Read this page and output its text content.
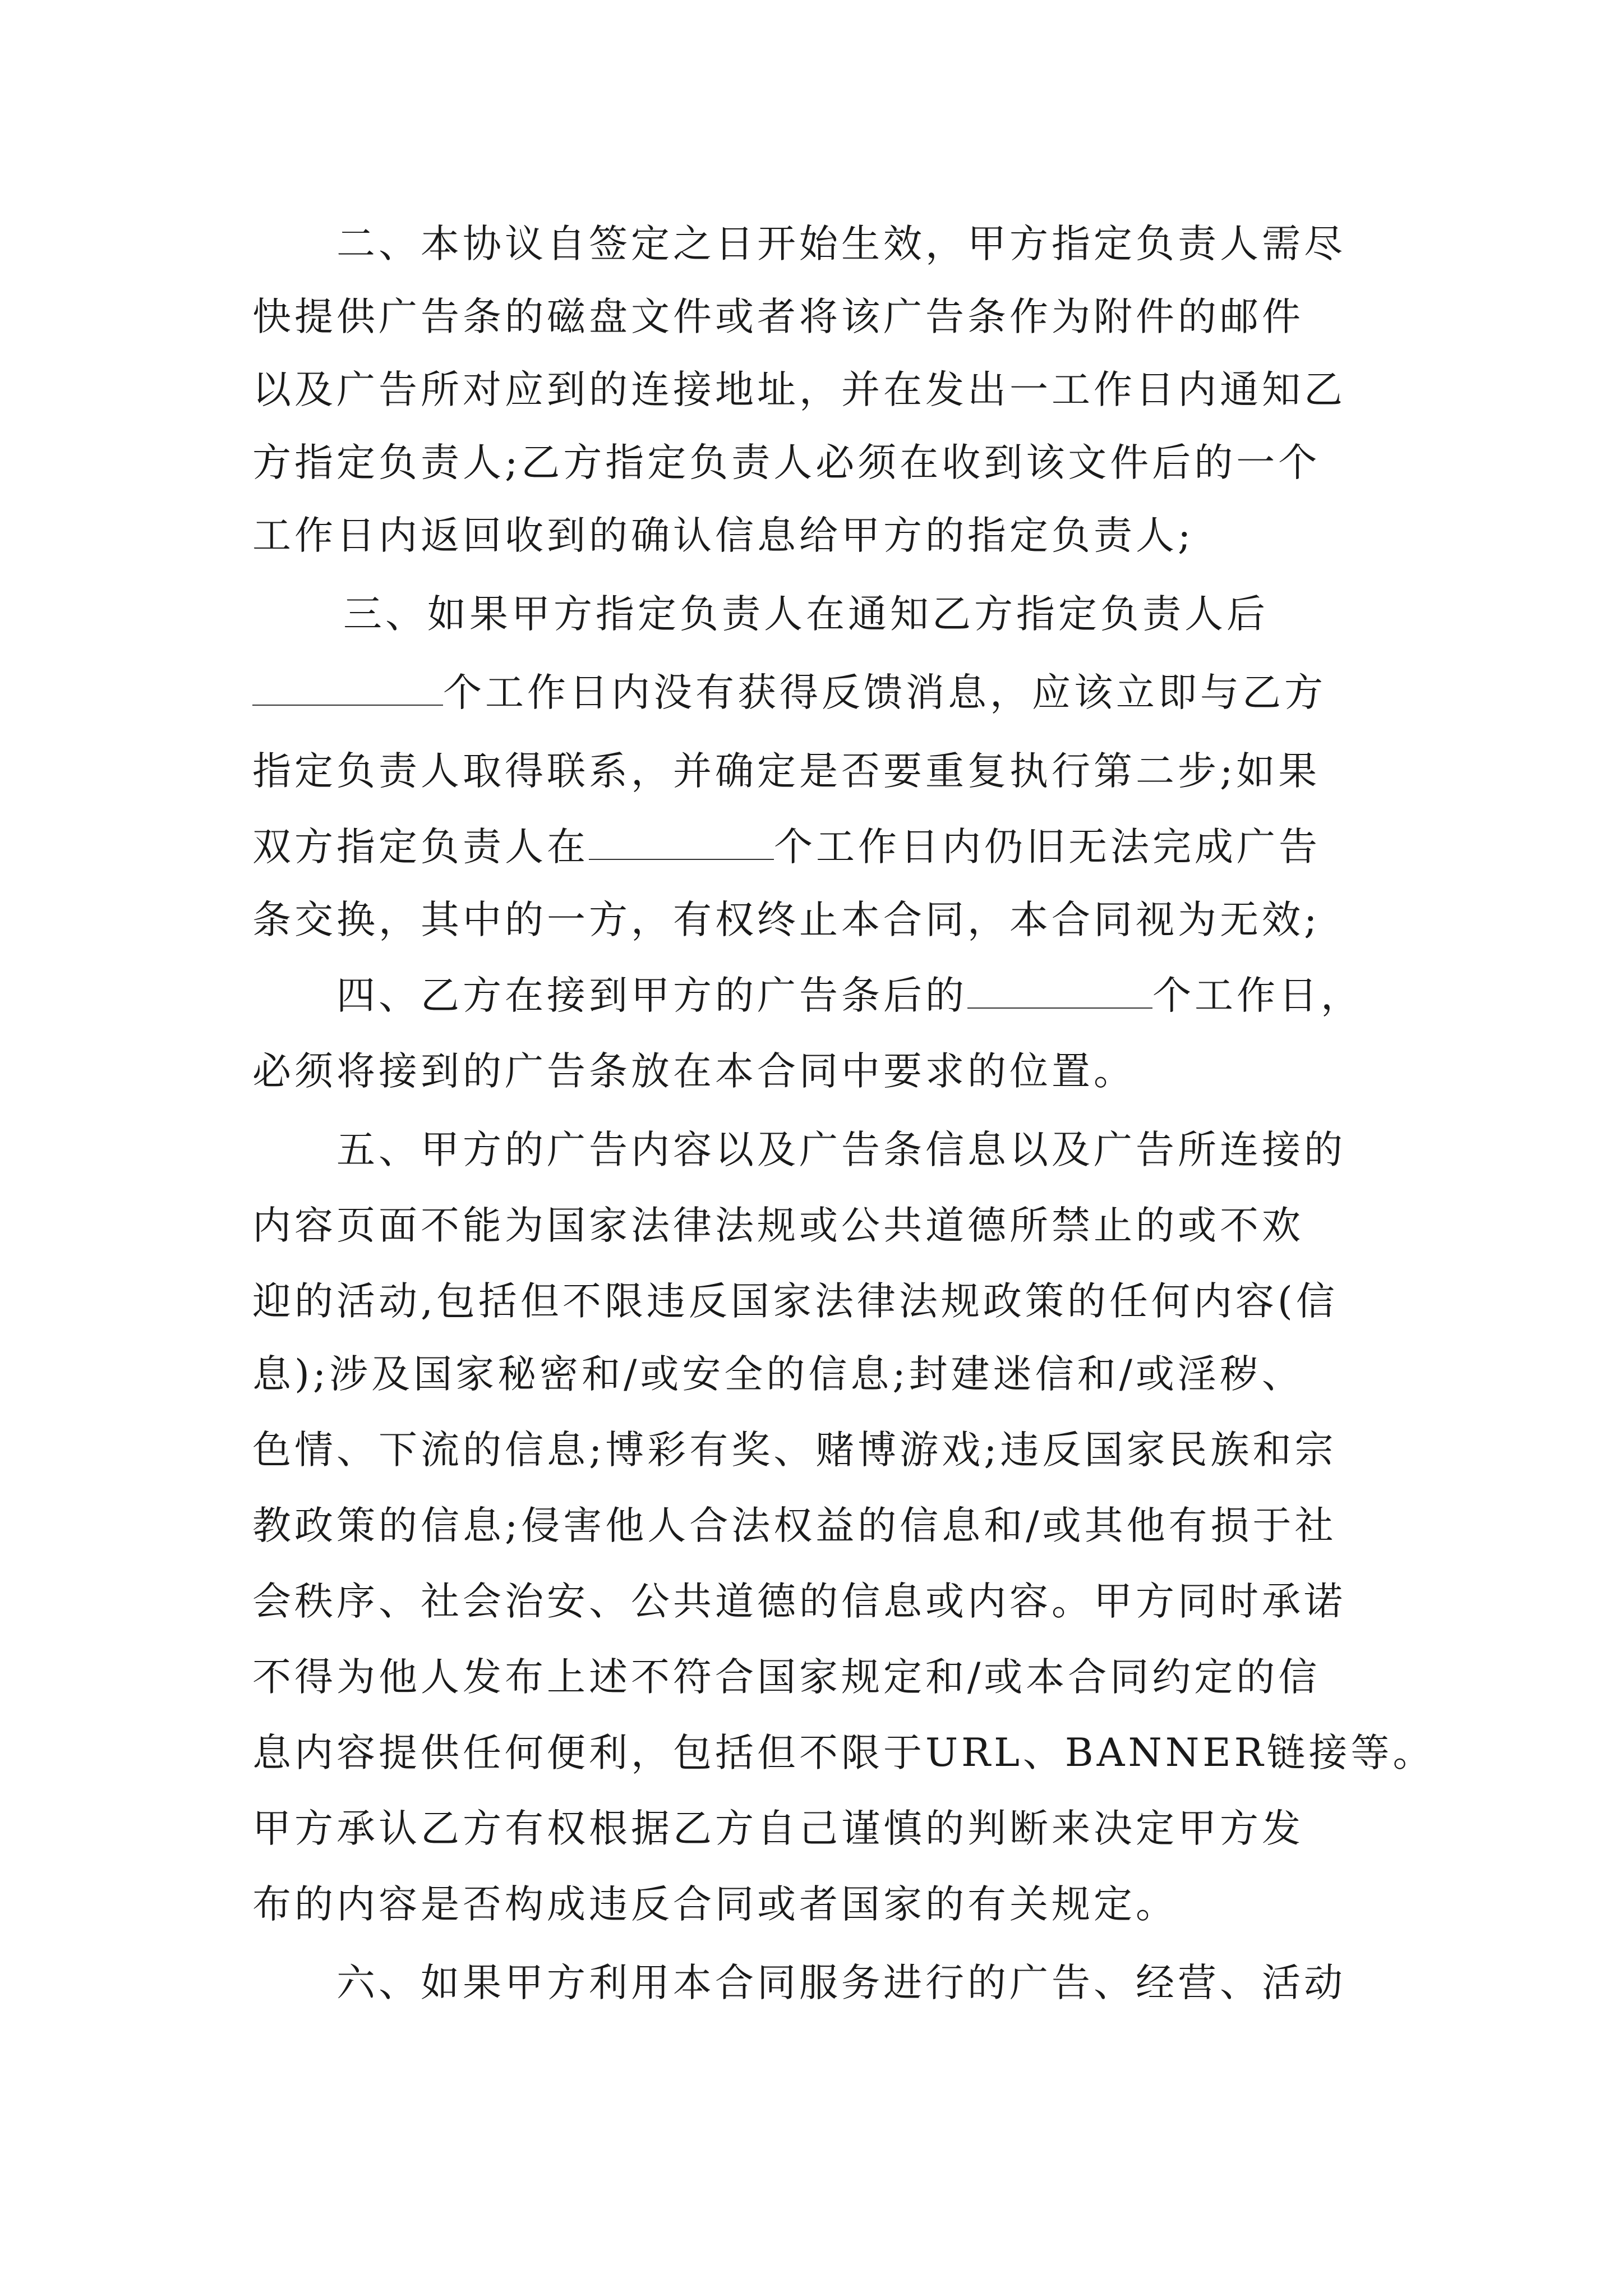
二、本协议自签定之日开始生效，甲方指定负责人需尽
快提供广告条的磁盘文件或者将该广告条作为附件的邮件
以及广告所对应到的连接地址，并在发出一工作日内通知乙
方指定负责人;乙方指定负责人必须在收到该文件后的一个
工作日内返回收到的确认信息给甲方的指定负责人;
三、如果甲方指定负责人在通知乙方指定负责人后
个工作日内没有获得反馈消息，应该立即与乙方
指定负责人取得联系，并确定是否要重复执行第二步;如果
双方指定负责人在	个工作日内仍旧无法完成广告
条交换，其中的一方，有权终止本合同，本合同视为无效;
四、乙方在接到甲方的广告条后的	个工作日，
必须将接到的广告条放在本合同中要求的位置。
五、甲方的广告内容以及广告条信息以及广告所连接的
内容页面不能为国家法律法规或公共道德所禁止的或不欢
迎的活动,包括但不限违反国家法律法规政策的任何内容(信
息);涉及国家秘密和/或安全的信息;封建迷信和/或淫秽、
色情、下流的信息;博彩有奖、赌博游戏;违反国家民族和宗
教政策的信息;侵害他人合法权益的信息和/或其他有损于社
会秩序、社会治安、公共道德的信息或内容。甲方同时承诺
不得为他人发布上述不符合国家规定和/或本合同约定的信
息内容提供任何便利，包括但不限于URL、BANNER链接等。
甲方承认乙方有权根据乙方自己谨慎的判断来决定甲方发
布的内容是否构成违反合同或者国家的有关规定。
六、如果甲方利用本合同服务进行的广告、经营、活动
